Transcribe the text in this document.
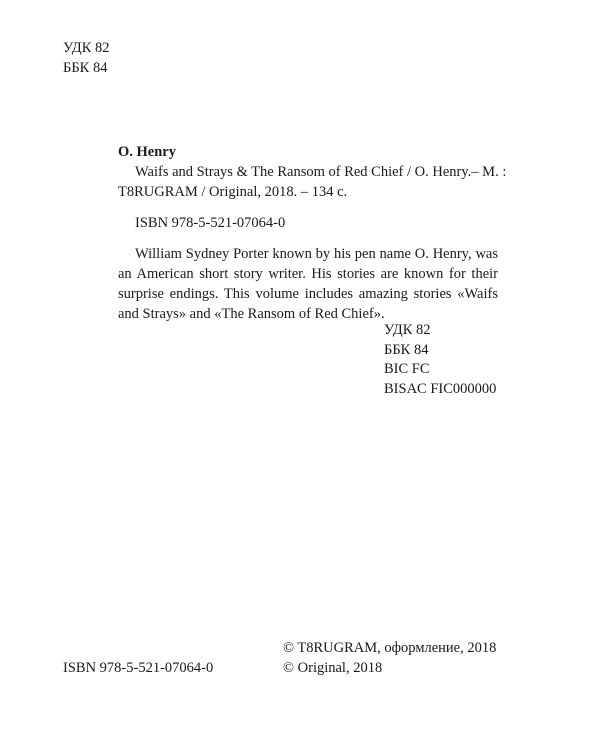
УДК 82
ББК 84
O. Henry
Waifs and Strays & The Ransom of Red Chief / O. Henry.– M. :
T8RUGRAM / Original, 2018. – 134 c.
ISBN 978-5-521-07064-0
William Sydney Porter known by his pen name O. Henry, was an American short story writer. His stories are known for their surprise endings. This volume includes amazing stories «Waifs and Strays» and «The Ransom of Red Chief».
УДК 82
ББК 84
BIC FC
BISAC FIC000000
© T8RUGRAM, оформление, 2018
© Original, 2018
ISBN 978-5-521-07064-0
